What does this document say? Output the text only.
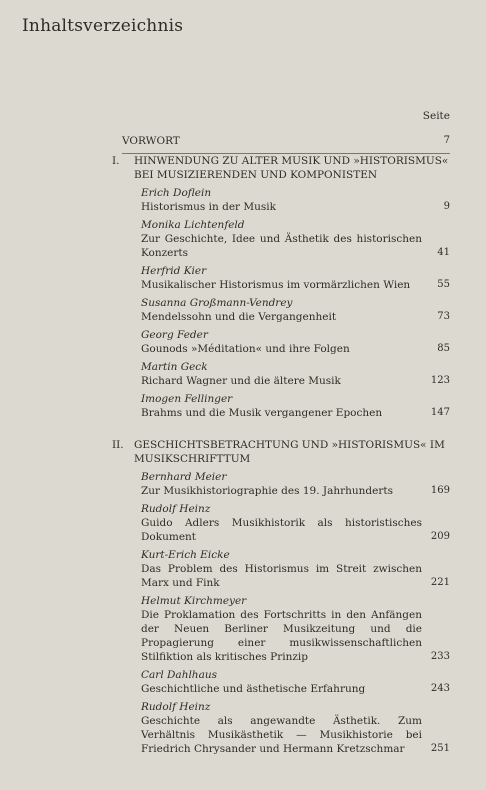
Inhaltsverzeichnis
Seite
VORWORT	7
I.	HINWENDUNG ZU ALTER MUSIK UND »HISTORISMUS« BEI MUSIZIERENDEN UND KOMPONISTEN
Erich Doflein
Historismus in der Musik	9
Monika Lichtenfeld
Zur Geschichte, Idee und Ästhetik des historischen Konzerts	41
Herfrid Kier
Musikalischer Historismus im vormärzlichen Wien	55
Susanna Großmann-Vendrey
Mendelssohn und die Vergangenheit	73
Georg Feder
Gounods »Méditation« und ihre Folgen	85
Martin Geck
Richard Wagner und die ältere Musik	123
Imogen Fellinger
Brahms und die Musik vergangener Epochen	147
II. GESCHICHTSBETRACHTUNG UND »HISTORISMUS« IM MUSIKSCHRIFTTUM
Bernhard Meier
Zur Musikhistoriographie des 19. Jahrhunderts	169
Rudolf Heinz
Guido Adlers Musikhistorik als historistisches Dokument	209
Kurt-Erich Eicke
Das Problem des Historismus im Streit zwischen Marx und Fink	221
Helmut Kirchmeyer
Die Proklamation des Fortschritts in den Anfängen der Neuen Berliner Musikzeitung und die Propagierung einer musikwissenschaftlichen Stilfiktion als kritisches Prinzip	233
Carl Dahlhaus
Geschichtliche und ästhetische Erfahrung	243
Rudolf Heinz
Geschichte als angewandte Ästhetik. Zum Verhältnis Musikästhetik — Musikhistorie bei Friedrich Chrysander und Hermann Kretzschmar	251
